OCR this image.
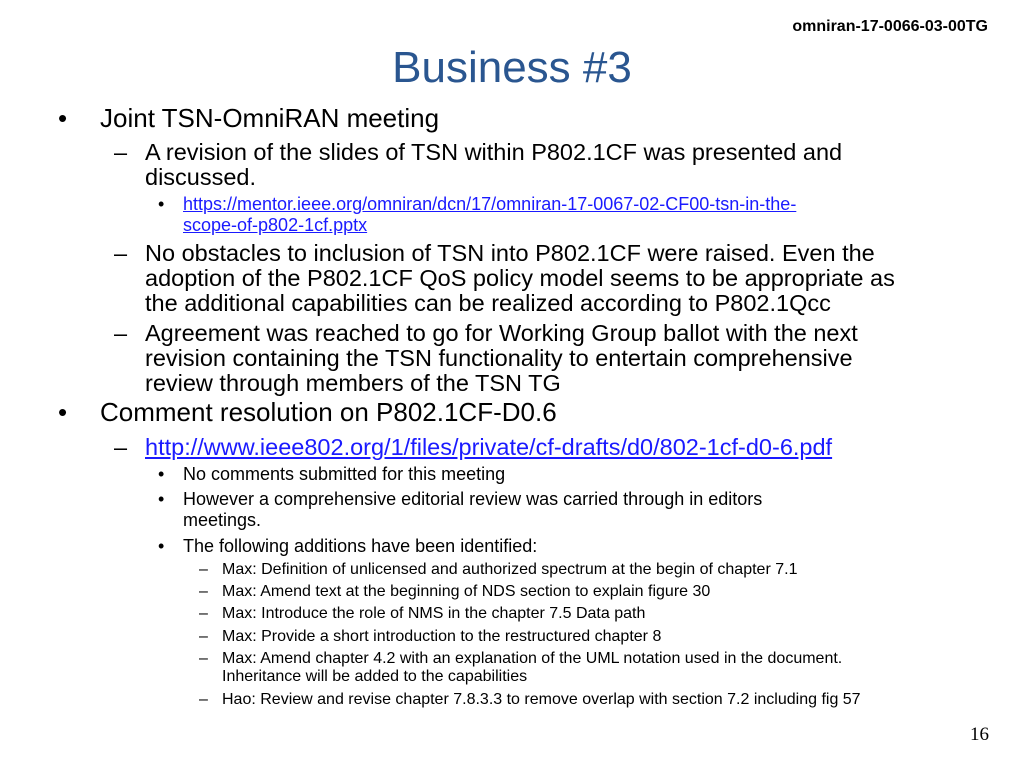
omniran-17-0066-03-00TG
Business #3
• Joint TSN-OmniRAN meeting
– A revision of the slides of TSN within P802.1CF was presented and
discussed.
• https://mentor.ieee.org/omniran/dcn/17/omniran-17-0067-02-CF00-tsn-in-the-
scope-of-p802-1cf.pptx
– No obstacles to inclusion of TSN into P802.1CF were raised. Even the
adoption of the P802.1CF QoS policy model seems to be appropriate as
the additional capabilities can be realized according to P802.1Qcc
– Agreement was reached to go for Working Group ballot with the next
revision containing the TSN functionality to entertain comprehensive
review through members of the TSN TG
• Comment resolution on P802.1CF-D0.6
– http://www.ieee802.org/1/files/private/cf-drafts/d0/802-1cf-d0-6.pdf
• No comments submitted for this meeting
• However a comprehensive editorial review was carried through in editors
meetings.
• The following additions have been identified:
– Max: Definition of unlicensed and authorized spectrum at the begin of chapter 7.1
– Max: Amend text at the beginning of NDS section to explain figure 30
– Max: Introduce the role of NMS in the chapter 7.5 Data path
– Max: Provide a short introduction to the restructured chapter 8
– Max: Amend chapter 4.2 with an explanation of the UML notation used in the document.
Inheritance will be added to the capabilities
– Hao: Review and revise chapter 7.8.3.3 to remove overlap with section 7.2 including fig 57
16
